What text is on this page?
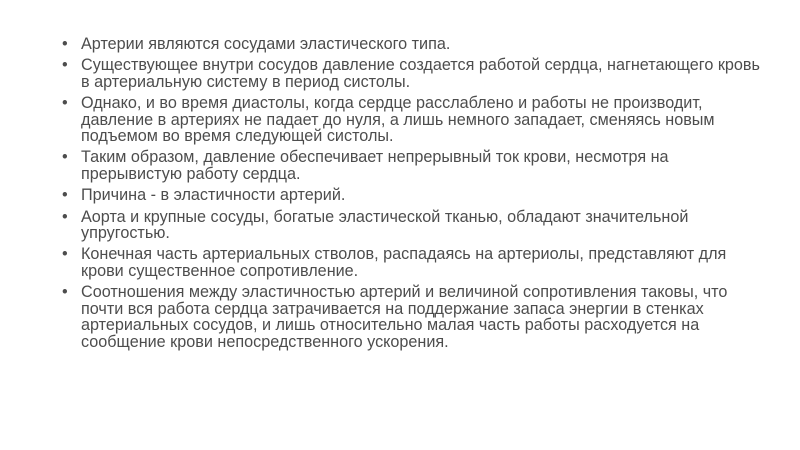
• Артерии являются сосудами эластического типа.
• Существующее внутри сосудов давление создается работой сердца, нагнетающего кровь в артериальную систему в период систолы.
• Однако, и во время диастолы, когда сердце расслаблено и работы не производит, давление в артериях не падает до нуля, а лишь немного западает, сменяясь новым подъемом во время следующей систолы.
• Таким образом, давление обеспечивает непрерывный ток крови, несмотря на прерывистую работу сердца.
• Причина - в эластичности артерий.
• Аорта и крупные сосуды, богатые эластической тканью, обладают значительной упругостью.
• Конечная часть артериальных стволов, распадаясь на артериолы, представляют для крови существенное сопротивление.
• Соотношения между эластичностью артерий и величиной сопротивления таковы, что почти вся работа сердца затрачивается на поддержание запаса энергии в стенках артериальных сосудов, и лишь относительно малая часть работы расходуется на сообщение крови непосредственного ускорения.
